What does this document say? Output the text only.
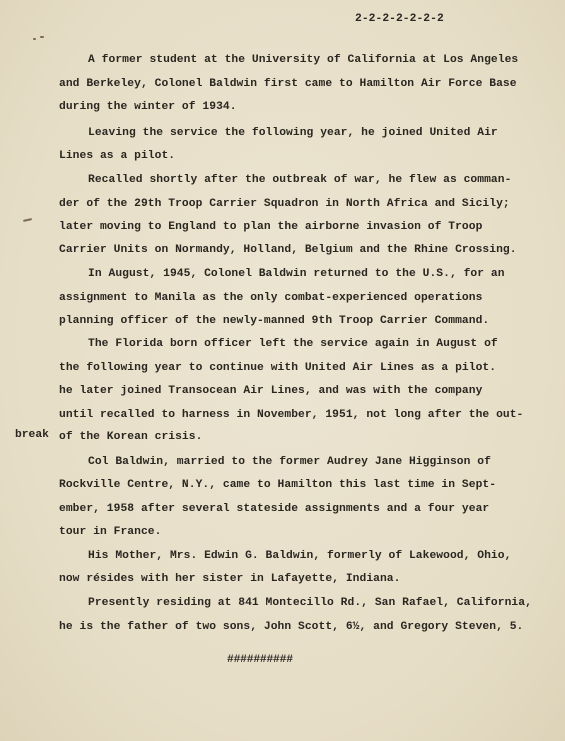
2-2-2-2-2-2-2
A former student at the University of California at Los Angeles
and Berkeley, Colonel Baldwin first came to Hamilton Air Force Base
during the winter of 1934.
Leaving the service the following year, he joined United Air
Lines as a pilot.
Recalled shortly after the outbreak of war, he flew as comman-
der of the 29th Troop Carrier Squadron in North Africa and Sicily;
later moving to England to plan the airborne invasion of Troop
Carrier Units on Normandy, Holland, Belgium and the Rhine Crossing.
In August, 1945, Colonel Baldwin returned to the U.S., for an
assignment to Manila as the only combat-experienced operations
planning officer of the newly-manned 9th Troop Carrier Command.
The Florida born officer left the service again in August of
the following year to continue with United Air Lines as a pilot.
he later joined Transocean Air Lines, and was with the company
until recalled to harness in November, 1951, not long after the out-
break of the Korean crisis.
Col Baldwin, married to the former Audrey Jane Higginson of
Rockville Centre, N.Y., came to Hamilton this last time in Sept-
ember, 1958 after several stateside assignments and a four year
tour in France.
His Mother, Mrs. Edwin G. Baldwin, formerly of Lakewood, Ohio,
now résides with her sister in Lafayette, Indiana.
Presently residing at 841 Montecillo Rd., San Rafael, California,
he is the father of two sons, John Scott, 6½, and Gregory Steven, 5.
##########
